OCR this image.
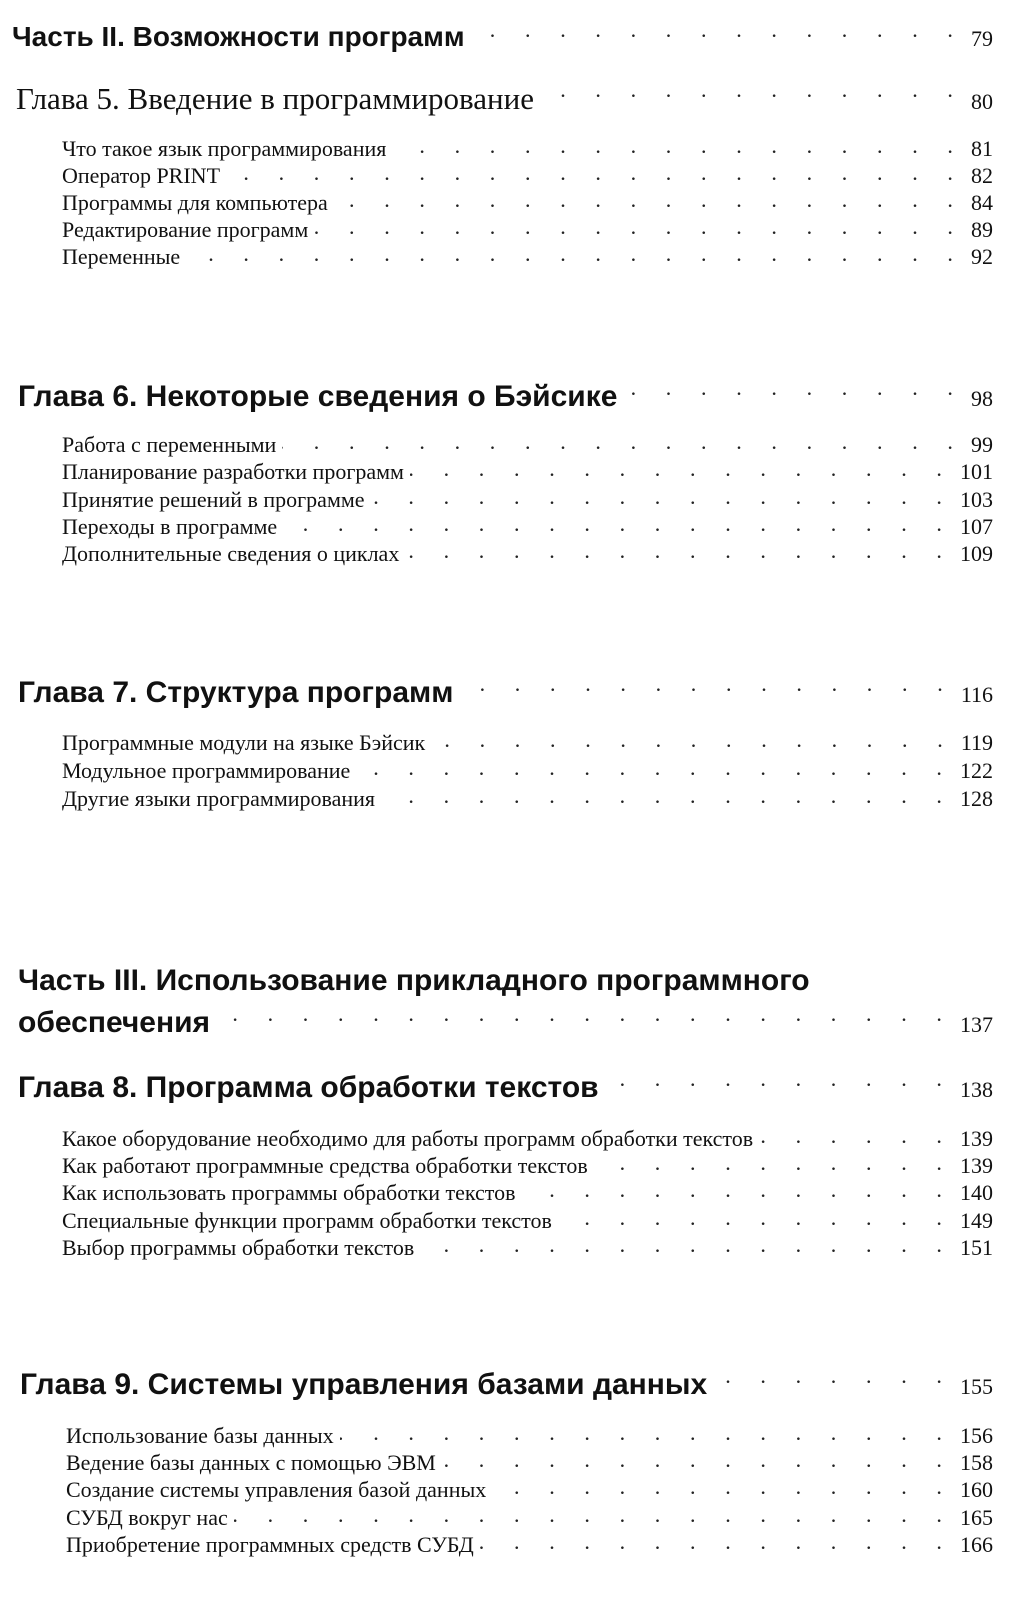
Часть II. Возможности программ . . .	79
Глава 5. Введение в программирование . . .	80
Что такое язык программирования . . .	81
Оператор PRINT . . .	82
Программы для компьютера . . .	84
Редактирование программ . . .	89
Переменные . . .	92
Глава 6. Некоторые сведения о Бэйсике . . .	98
Работа с переменными . . .	99
Планирование разработки программ . . .	101
Принятие решений в программе . . .	103
Переходы в программе . . .	107
Дополнительные сведения о циклах . . .	109
Глава 7. Структура программ . . .	116
Программные модули на языке Бэйсик . . .	119
Модульное программирование . . .	122
Другие языки программирования . . .	128
Часть III. Использование прикладного программного
обеспечения . . .	137
Глава 8. Программа обработки текстов . . .	138
Какое оборудование необходимо для работы программ обработки текстов . . .	139
Как работают программные средства обработки текстов . . .	139
Как использовать программы обработки текстов . . .	140
Специальные функции программ обработки текстов . . .	149
Выбор программы обработки текстов . . .	151
Глава 9. Системы управления базами данных . . .	155
Использование базы данных . . .	156
Ведение базы данных с помощью ЭВМ . . .	158
Создание системы управления базой данных . . .	160
СУБД вокруг нас . . .	165
Приобретение программных средств СУБД . . .	166
